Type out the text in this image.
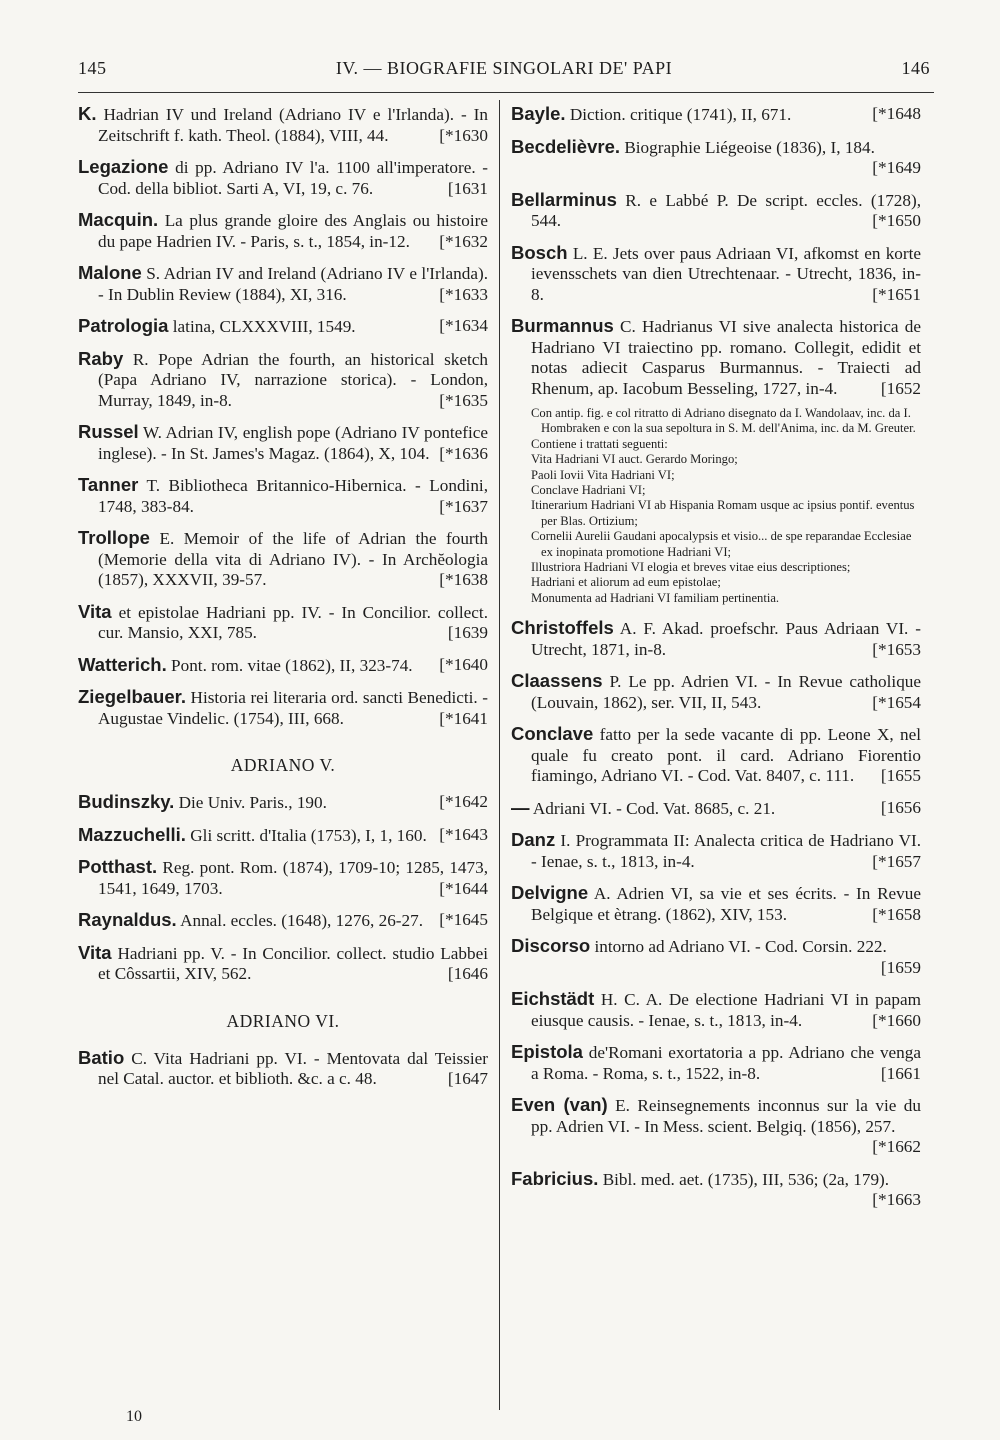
145	IV. — BIOGRAFIE SINGOLARI DE' PAPI	146
K. Hadrian IV und Ireland (Adriano IV e l'Irlanda). - In Zeitschrift f. kath. Theol. (1884), VIII, 44.	[*1630
Legazione di pp. Adriano IV l'a. 1100 all'imperatore. - Cod. della bibliot. Sarti A, VI, 19, c. 76.	[1631
Macquin. La plus grande gloire des Anglais ou histoire du pape Hadrien IV. - Paris, s. t., 1854, in-12.	[*1632
Malone S. Adrian IV and Ireland (Adriano IV e l'Irlanda). - In Dublin Review (1884), XI, 316.	[*1633
Patrologia latina, CLXXXVIII, 1549.	[*1634
Raby R. Pope Adrian the fourth, an historical sketch (Papa Adriano IV, narrazione storica). - London, Murray, 1849, in-8.	[*1635
Russel W. Adrian IV, english pope (Adriano IV pontefice inglese). - In St. James's Magaz. (1864), X, 104. [*1636
Tanner T. Bibliotheca Britannico-Hibernica. - Londini, 1748, 383-84.	[*1637
Trollope E. Memoir of the life of Adrian the fourth (Memorie della vita di Adriano IV). - In Archĕologia (1857), XXXVII, 39-57.	[*1638
Vita et epistolae Hadriani pp. IV. - In Concilior. collect. cur. Mansio, XXI, 785.	[1639
Watterich. Pont. rom. vitae (1862), II, 323-74.	[*1640
Ziegelbauer. Historia rei literaria ord. sancti Benedicti. - Augustae Vindelic. (1754), III, 668.	[*1641
ADRIANO V.
Budinszky. Die Univ. Paris., 190.	[*1642
Mazzuchelli. Gli scritt. d'Italia (1753), I, 1, 160. [*1643
Potthast. Reg. pont. Rom. (1874), 1709-10; 1285, 1473, 1541, 1649, 1703.	[*1644
Raynaldus. Annal. eccles. (1648), 1276, 26-27. [*1645
Vita Hadriani pp. V. - In Concilior. collect. studio Labbei et Côssartii, XIV, 562.	[1646
ADRIANO VI.
Batio C. Vita Hadriani pp. VI. - Mentovata dal Teissier nel Catal. auctor. et biblioth. &c. a c. 48.	[1647
Bayle. Diction. critique (1741), II, 671.	[*1648
Becdelièvre. Biographie Liégeoise (1836), I, 184.
[*1649
Bellarminus R. e Labbé P. De script. eccles. (1728), 544.	[*1650
Bosch L. E. Jets over paus Adriaan VI, afkomst en korte ievensschets van dien Utrechtenaar. - Utrecht, 1836, in-8.	[*1651
Burmannus C. Hadrianus VI sive analecta historica de Hadriano VI traiectino pp. romano. Collegit, edidit et notas adiecit Casparus Burmannus. - Traiecti ad Rhenum, ap. Iacobum Besseling, 1727, in-4.	[1652
Con antip. fig. e col ritratto di Adriano disegnato da I. Wandolaav, inc. da I. Hombraken e con la sua sepoltura in S. M. dell'Anima, inc. da M. Greuter.
Contiene i trattati seguenti:
Vita Hadriani VI auct. Gerardo Moringo;
Paoli Iovii Vita Hadriani VI;
Conclave Hadriani VI;
Itinerarium Hadriani VI ab Hispania Romam usque ac ipsius pontif. eventus per Blas. Ortizium;
Cornelii Aurelii Gaudani apocalypsis et visio... de spe reparandae Ecclesiae ex inopinata promotione Hadriani VI;
Illustriora Hadriani VI elogia et breves vitae eius descriptiones;
Hadriani et aliorum ad eum epistolae;
Monumenta ad Hadriani VI familiam pertinentia.
Christoffels A. F. Akad. proefschr. Paus Adriaan VI. - Utrecht, 1871, in-8.	[*1653
Claassens P. Le pp. Adrien VI. - In Revue catholique (Louvain, 1862), ser. VII, II, 543.	[*1654
Conclave fatto per la sede vacante di pp. Leone X, nel quale fu creato pont. il card. Adriano Fiorentio fiamingo, Adriano VI. - Cod. Vat. 8407, c. 111.	[1655
— Adriani VI. - Cod. Vat. 8685, c. 21.	[1656
Danz I. Programmata II: Analecta critica de Hadriano VI. - Ienae, s. t., 1813, in-4.	[*1657
Delvigne A. Adrien VI, sa vie et ses écrits. - In Revue Belgique et ètrang. (1862), XIV, 153.	[*1658
Discorso intorno ad Adriano VI. - Cod. Corsin. 222.
[1659
Eichstädt H. C. A. De electione Hadriani VI in papam eiusque causis. - Ienae, s. t., 1813, in-4.	[*1660
Epistola de'Romani exortatoria a pp. Adriano che venga a Roma. - Roma, s. t., 1522, in-8.	[1661
Even (van) E. Reinsegnements inconnus sur la vie du pp. Adrien VI. - In Mess. scient. Belgiq. (1856), 257.
[*1662
Fabricius. Bibl. med. aet. (1735), III, 536; (2a, 179).
[*1663
10
